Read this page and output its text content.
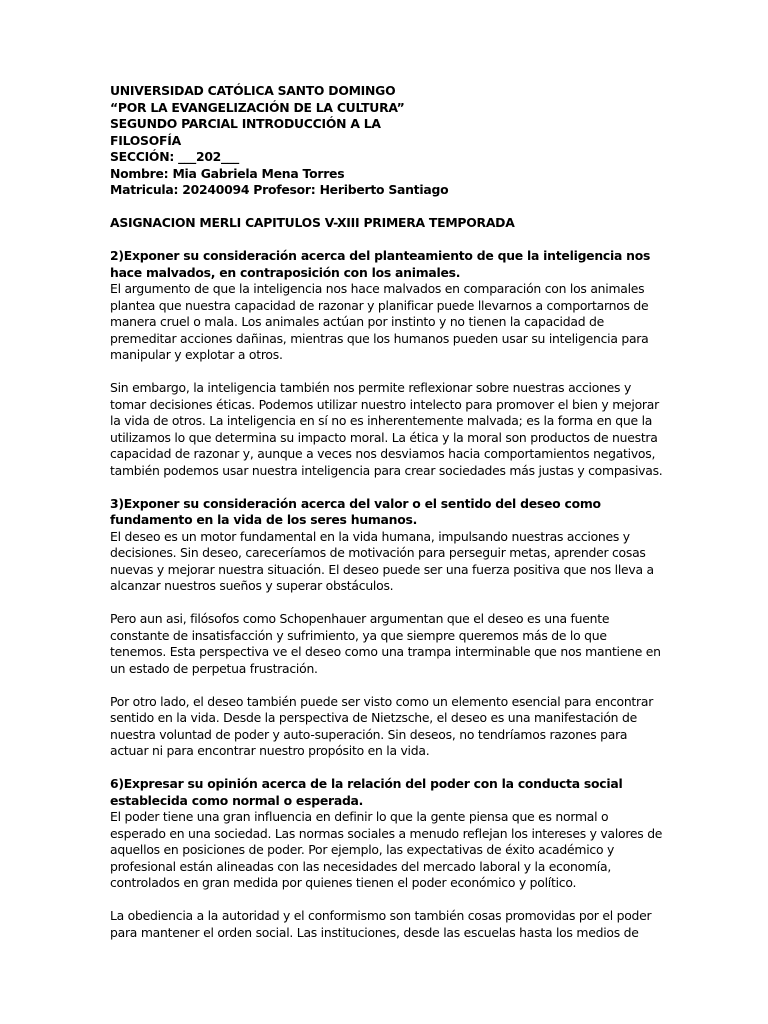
UNIVERSIDAD CATÓLICA SANTO DOMINGO
“POR LA EVANGELIZACIÓN DE LA CULTURA”
SEGUNDO PARCIAL INTRODUCCIÓN A LA
FILOSOFÍA
SECCIÓN: ___202___
Nombre: Mia Gabriela Mena Torres
Matricula: 20240094 Profesor: Heriberto Santiago
ASIGNACION MERLI CAPITULOS V-XIII PRIMERA TEMPORADA

2)Exponer su consideración acerca del planteamiento de que la inteligencia nos hace malvados, en contraposición con los animales.

El argumento de que la inteligencia nos hace malvados en comparación con los animales plantea que nuestra capacidad de razonar y planificar puede llevarnos a comportarnos de manera cruel o mala. Los animales actúan por instinto y no tienen la capacidad de premeditar acciones dañinas, mientras que los humanos pueden usar su inteligencia para manipular y explotar a otros.

Sin embargo, la inteligencia también nos permite reflexionar sobre nuestras acciones y tomar decisiones éticas. Podemos utilizar nuestro intelecto para promover el bien y mejorar la vida de otros. La inteligencia en sí no es inherentemente malvada; es la forma en que la utilizamos lo que determina su impacto moral. La ética y la moral son productos de nuestra capacidad de razonar y, aunque a veces nos desviamos hacia comportamientos negativos, también podemos usar nuestra inteligencia para crear sociedades más justas y compasivas.

3)Exponer su consideración acerca del valor o el sentido del deseo como fundamento en la vida de los seres humanos.

El deseo es un motor fundamental en la vida humana, impulsando nuestras acciones y decisiones. Sin deseo, careceríamos de motivación para perseguir metas, aprender cosas nuevas y mejorar nuestra situación. El deseo puede ser una fuerza positiva que nos lleva a alcanzar nuestros sueños y superar obstáculos.

Pero aun asi, filósofos como Schopenhauer argumentan que el deseo es una fuente constante de insatisfacción y sufrimiento, ya que siempre queremos más de lo que tenemos. Esta perspectiva ve el deseo como una trampa interminable que nos mantiene en un estado de perpetua frustración.

Por otro lado, el deseo también puede ser visto como un elemento esencial para encontrar sentido en la vida. Desde la perspectiva de Nietzsche, el deseo es una manifestación de nuestra voluntad de poder y auto-superación. Sin deseos, no tendríamos razones para actuar ni para encontrar nuestro propósito en la vida.

6)Expresar su opinión acerca de la relación del poder con la conducta social establecida como normal o esperada.

El poder tiene una gran influencia en definir lo que la gente piensa que es normal o esperado en una sociedad. Las normas sociales a menudo reflejan los intereses y valores de aquellos en posiciones de poder. Por ejemplo, las expectativas de éxito académico y profesional están alineadas con las necesidades del mercado laboral y la economía, controlados en gran medida por quienes tienen el poder económico y político.

La obediencia a la autoridad y el conformismo son también cosas promovidas por el poder para mantener el orden social. Las instituciones, desde las escuelas hasta los medios de
